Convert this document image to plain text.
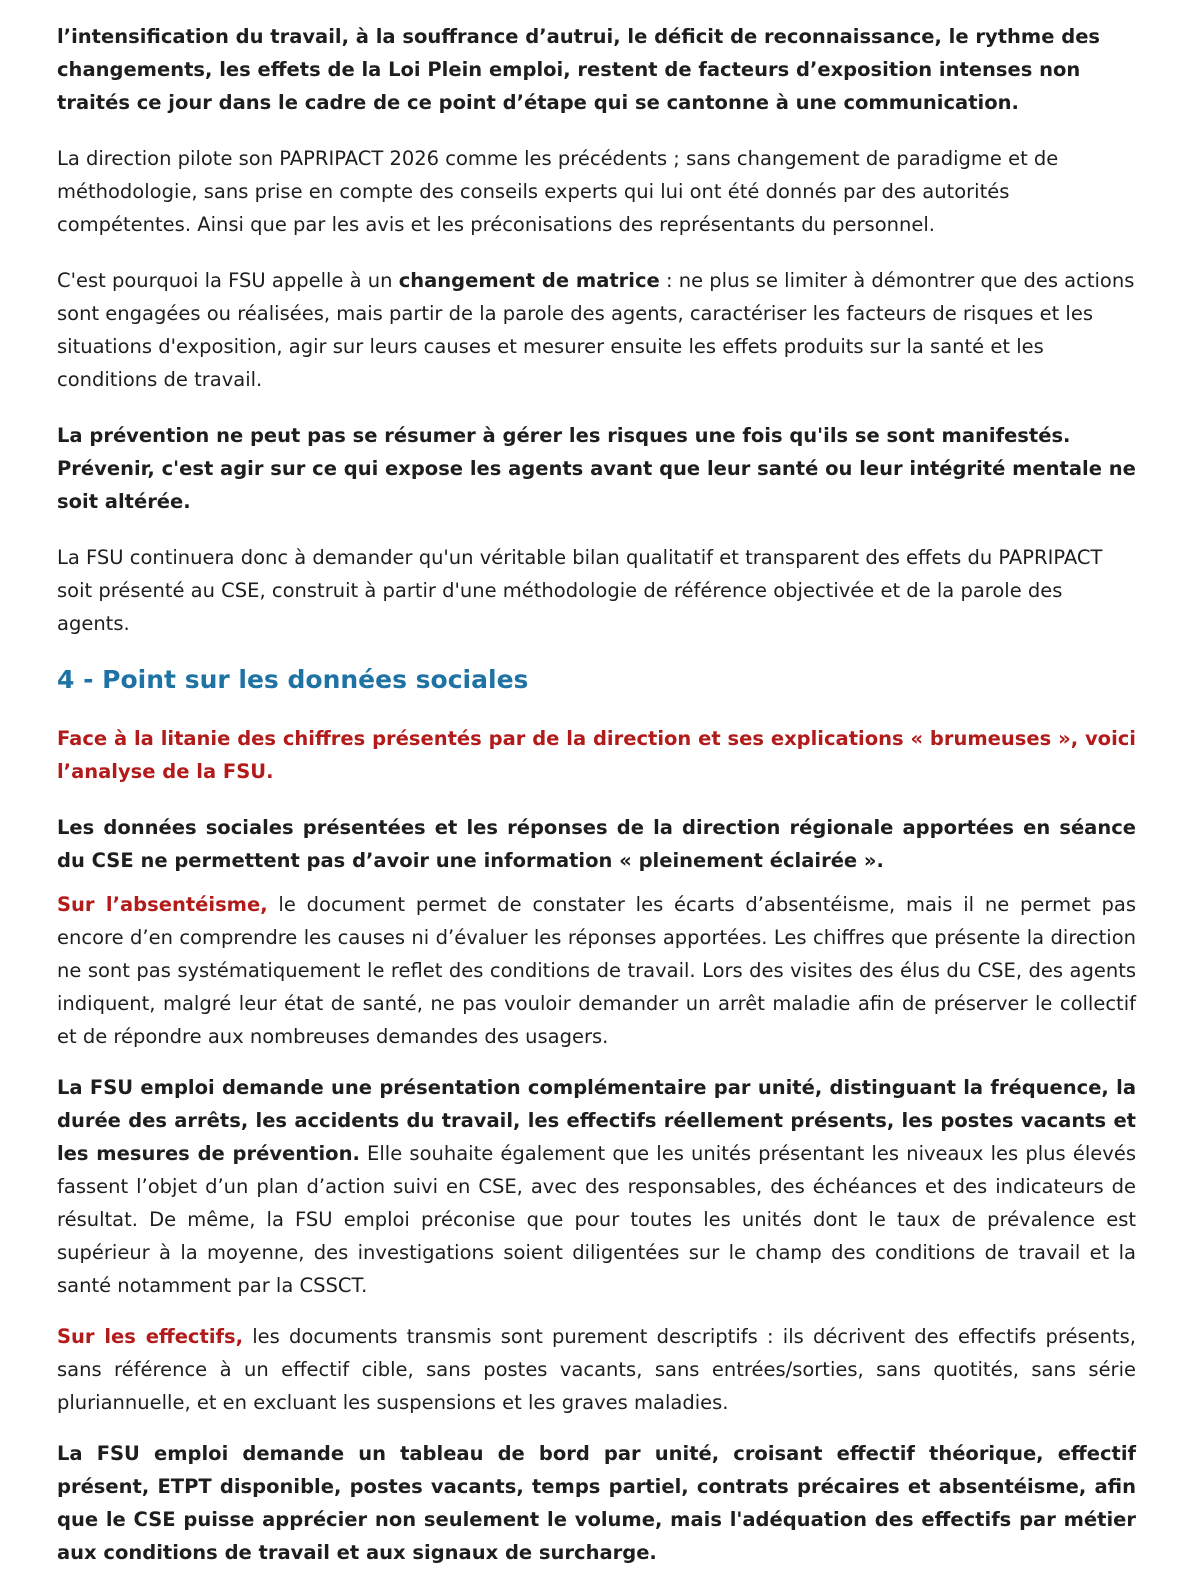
l’intensification du travail, à la souffrance d’autrui, le déficit de reconnaissance, le rythme des changements, les effets de la Loi Plein emploi, restent de facteurs d’exposition intenses non traités ce jour dans le cadre de ce point d’étape qui se cantonne à une communication.

La direction pilote son PAPRIPACT 2026 comme les précédents ; sans changement de paradigme et de méthodologie, sans prise en compte des conseils experts qui lui ont été donnés par des autorités compétentes. Ainsi que par les avis et les préconisations des représentants du personnel.

C'est pourquoi la FSU appelle à un changement de matrice : ne plus se limiter à démontrer que des actions sont engagées ou réalisées, mais partir de la parole des agents, caractériser les facteurs de risques et les situations d'exposition, agir sur leurs causes et mesurer ensuite les effets produits sur la santé et les conditions de travail.

La prévention ne peut pas se résumer à gérer les risques une fois qu'ils se sont manifestés. Prévenir, c'est agir sur ce qui expose les agents avant que leur santé ou leur intégrité mentale ne soit altérée.

La FSU continuera donc à demander qu'un véritable bilan qualitatif et transparent des effets du PAPRIPACT soit présenté au CSE, construit à partir d'une méthodologie de référence objectivée et de la parole des agents.

4 - Point sur les données sociales

Face à la litanie des chiffres présentés par de la direction et ses explications « brumeuses », voici l’analyse de la FSU.

Les données sociales présentées et les réponses de la direction régionale apportées en séance du CSE ne permettent pas d’avoir une information « pleinement éclairée ».

Sur l’absentéisme, le document permet de constater les écarts d’absentéisme, mais il ne permet pas encore d’en comprendre les causes ni d’évaluer les réponses apportées. Les chiffres que présente la direction ne sont pas systématiquement le reflet des conditions de travail. Lors des visites des élus du CSE, des agents indiquent, malgré leur état de santé, ne pas vouloir demander un arrêt maladie afin de préserver le collectif et de répondre aux nombreuses demandes des usagers.

La FSU emploi demande une présentation complémentaire par unité, distinguant la fréquence, la durée des arrêts, les accidents du travail, les effectifs réellement présents, les postes vacants et les mesures de prévention. Elle souhaite également que les unités présentant les niveaux les plus élevés fassent l’objet d’un plan d’action suivi en CSE, avec des responsables, des échéances et des indicateurs de résultat. De même, la FSU emploi préconise que pour toutes les unités dont le taux de prévalence est supérieur à la moyenne, des investigations soient diligentées sur le champ des conditions de travail et la santé notamment par la CSSCT.

Sur les effectifs, les documents transmis sont purement descriptifs : ils décrivent des effectifs présents, sans référence à un effectif cible, sans postes vacants, sans entrées/sorties, sans quotités, sans série pluriannuelle, et en excluant les suspensions et les graves maladies.

La FSU emploi demande un tableau de bord par unité, croisant effectif théorique, effectif présent, ETPT disponible, postes vacants, temps partiel, contrats précaires et absentéisme, afin que le CSE puisse apprécier non seulement le volume, mais l'adéquation des effectifs par métier aux conditions de travail et aux signaux de surcharge.
